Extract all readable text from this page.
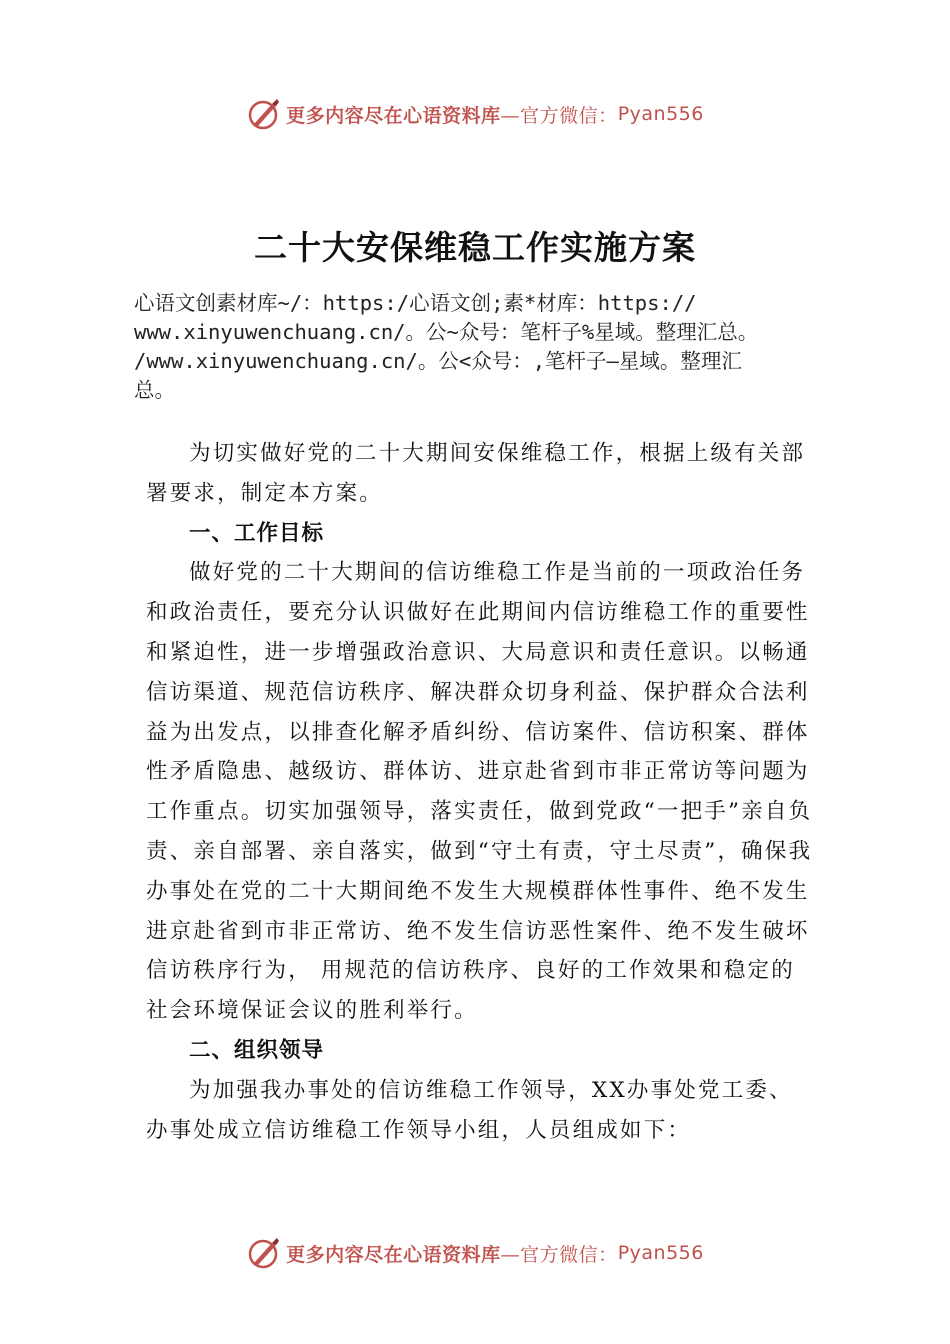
更多内容尽在心语资料库 —官方微信： Pyan556
二十大安保维稳工作实施方案
心语文创素材库~/：https:/心语文创;素*材库：https://
www.xinyuwenchuang.cn/。公~众号：笔杆子%星域。整理汇总。
/www.xinyuwenchuang.cn/。公<众号：,笔杆子—星域。整理汇
总。

为切实做好党的二十大期间安保维稳工作，根据上级有关部署要求，制定本方案。

一、工作目标

做好党的二十大期间的信访维稳工作是当前的一项政治任务和政治责任，要充分认识做好在此期间内信访维稳工作的重要性和紧迫性，进一步增强政治意识、大局意识和责任意识。以畅通信访渠道、规范信访秩序、解决群众切身利益、保护群众合法利益为出发点，以排查化解矛盾纠纷、信访案件、信访积案、群体性矛盾隐患、越级访、群体访、进京赴省到市非正常访等问题为工作重点。切实加强领导，落实责任，做到党政“一把手”亲自负责、亲自部署、亲自落实，做到“守土有责，守土尽责”，确保我办事处在党的二十大期间绝不发生大规模群体性事件、绝不发生进京赴省到市非正常访、绝不发生信访恶性案件、绝不发生破坏信访秩序行为， 用规范的信访秩序、良好的工作效果和稳定的社会环境保证会议的胜利举行。

二、组织领导

为加强我办事处的信访维稳工作领导，XX办事处党工委、办事处成立信访维稳工作领导小组，人员组成如下：

更多内容尽在心语资料库 —官方微信： Pyan556
